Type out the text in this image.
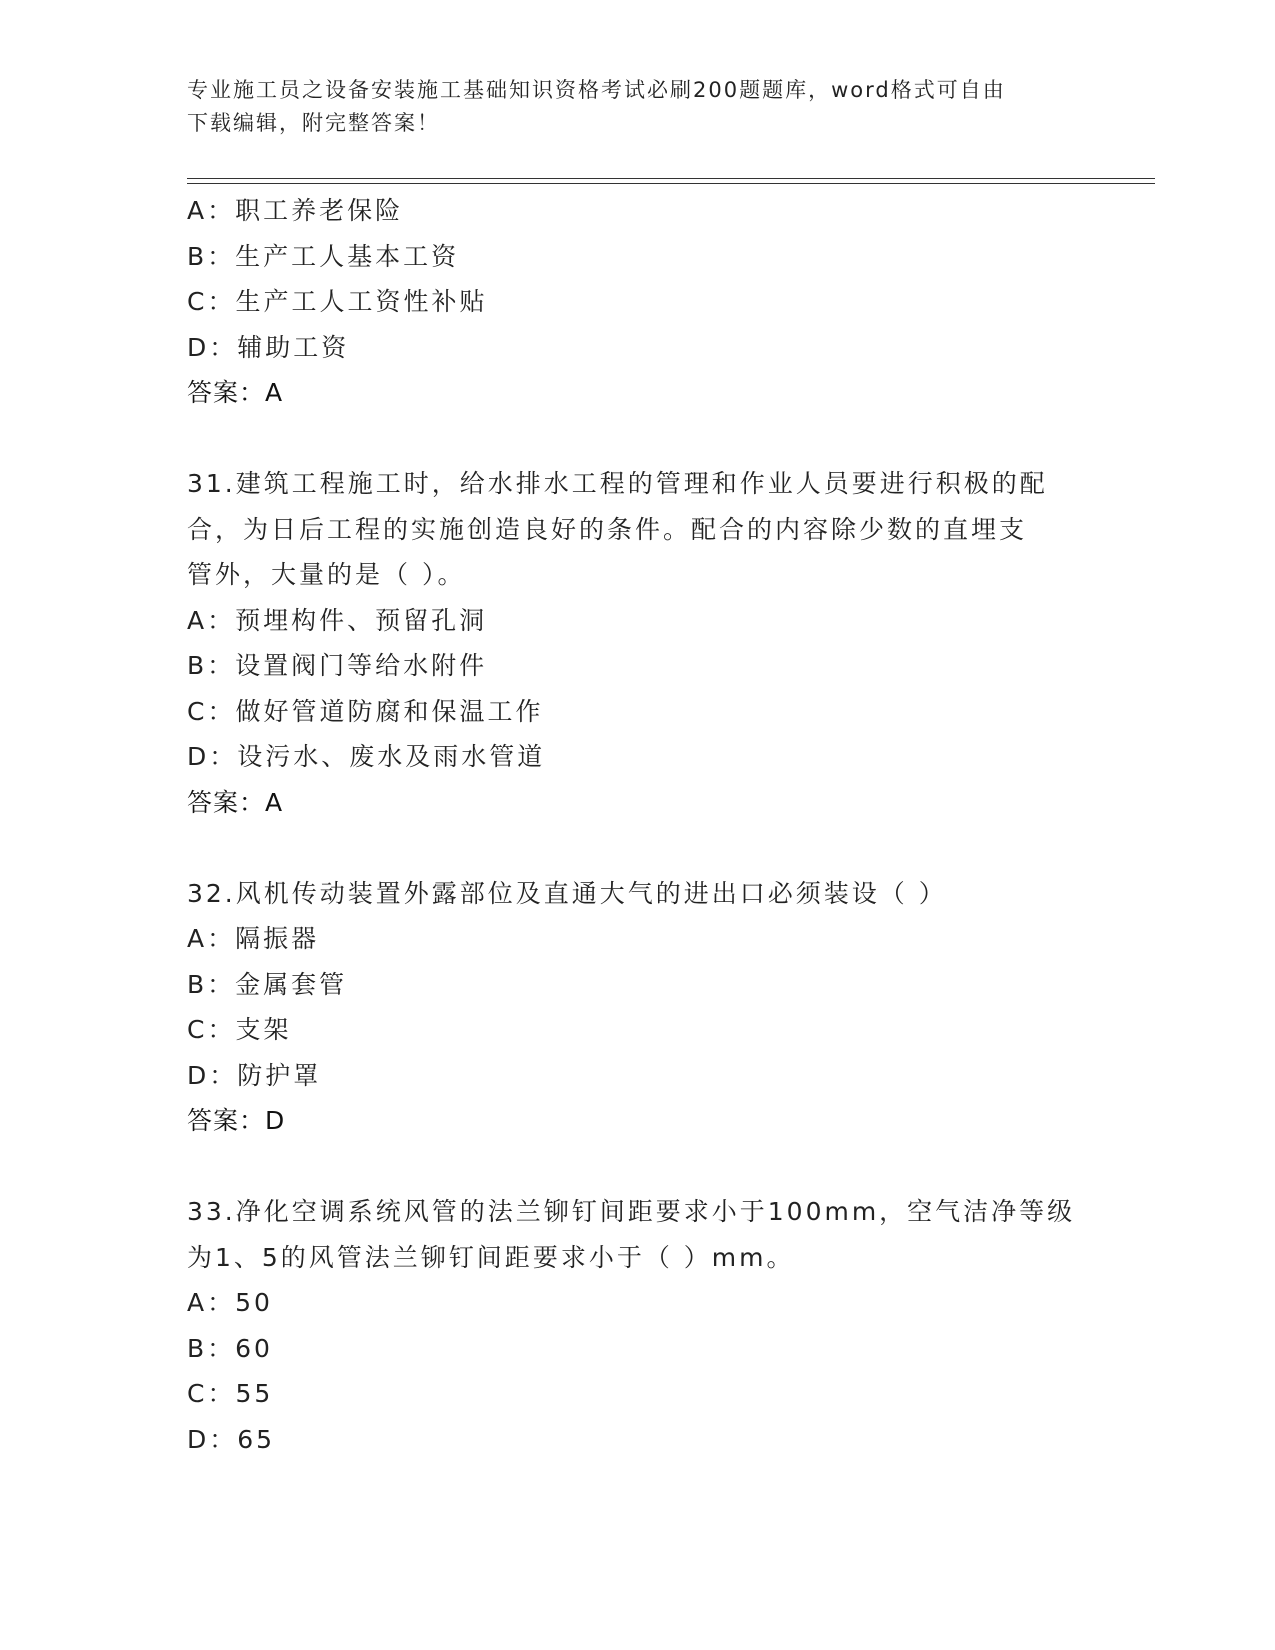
专业施工员之设备安装施工基础知识资格考试必刷200题题库，word格式可自由
下载编辑，附完整答案！
A：职工养老保险
B：生产工人基本工资
C：生产工人工资性补贴
D：辅助工资
答案：A
31.建筑工程施工时，给水排水工程的管理和作业人员要进行积极的配
合，为日后工程的实施创造良好的条件。配合的内容除少数的直埋支
管外，大量的是（ ）。
A：预埋构件、预留孔洞
B：设置阀门等给水附件
C：做好管道防腐和保温工作
D：设污水、废水及雨水管道
答案：A
32.风机传动装置外露部位及直通大气的进出口必须装设（ ）
A：隔振器
B：金属套管
C：支架
D：防护罩
答案：D
33.净化空调系统风管的法兰铆钉间距要求小于100mm，空气洁净等级
为1、5的风管法兰铆钉间距要求小于（ ）mm。
A：50
B：60
C：55
D：65
